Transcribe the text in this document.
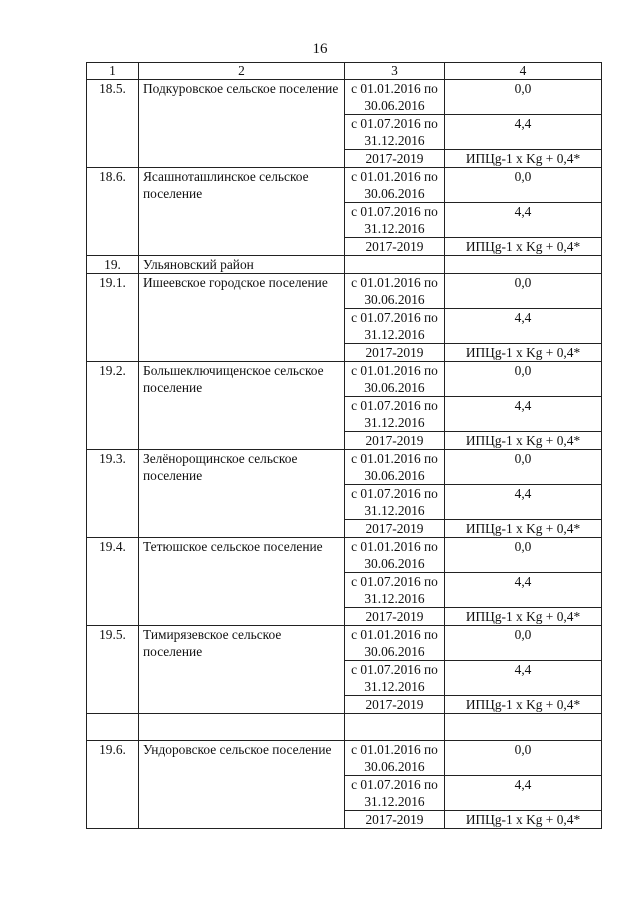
16
1	2	3	4
18.5.	Подкуровское сельское поселение	с 01.01.2016 по 30.06.2016	0,0
		с 01.07.2016 по 31.12.2016	4,4
		2017-2019	ИПЦg-1 x Kg + 0,4*
18.6.	Ясашноташлинское сельское поселение	с 01.01.2016 по 30.06.2016	0,0
		с 01.07.2016 по 31.12.2016	4,4
		2017-2019	ИПЦg-1 x Kg + 0,4*
19.	Ульяновский район		
19.1.	Ишеевское городское поселение	с 01.01.2016 по 30.06.2016	0,0
		с 01.07.2016 по 31.12.2016	4,4
		2017-2019	ИПЦg-1 x Kg + 0,4*
19.2.	Большеключищенское сельское поселение	с 01.01.2016 по 30.06.2016	0,0
		с 01.07.2016 по 31.12.2016	4,4
		2017-2019	ИПЦg-1 x Kg + 0,4*
19.3.	Зелёнорощинское сельское поселение	с 01.01.2016 по 30.06.2016	0,0
		с 01.07.2016 по 31.12.2016	4,4
		2017-2019	ИПЦg-1 x Kg + 0,4*
19.4.	Тетюшское сельское поселение	с 01.01.2016 по 30.06.2016	0,0
		с 01.07.2016 по 31.12.2016	4,4
		2017-2019	ИПЦg-1 x Kg + 0,4*
19.5.	Тимирязевское сельское поселение	с 01.01.2016 по 30.06.2016	0,0
		с 01.07.2016 по 31.12.2016	4,4
		2017-2019	ИПЦg-1 x Kg + 0,4*

19.6.	Ундоровское сельское поселение	с 01.01.2016 по 30.06.2016	0,0
		с 01.07.2016 по 31.12.2016	4,4
		2017-2019	ИПЦg-1 x Kg + 0,4*
